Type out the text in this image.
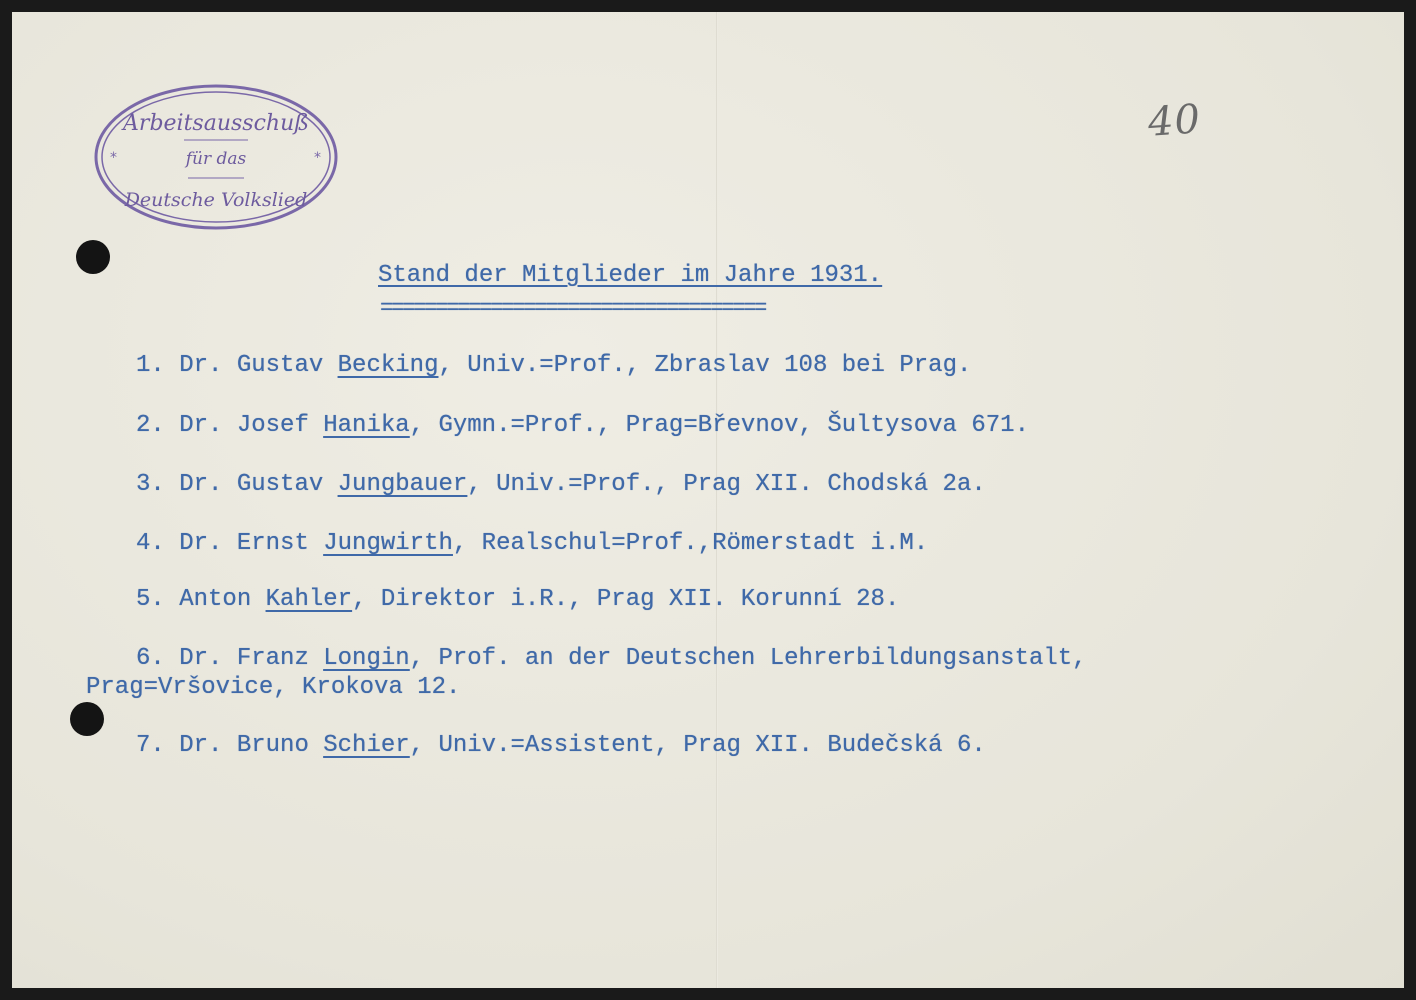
*	*
Arbeitsausschuß
für das
Deutsche Volkslied
40
Stand der Mitglieder im Jahre 1931.
===================================
1. Dr. Gustav Becking, Univ.=Prof., Zbraslav 108 bei Prag.
2. Dr. Josef Hanika, Gymn.=Prof., Prag=Břevnov, Šultysova 671.
3. Dr. Gustav Jungbauer, Univ.=Prof., Prag XII. Chodská 2a.
4. Dr. Ernst Jungwirth, Realschul=Prof.,Römerstadt i.M.
5. Anton Kahler, Direktor i.R., Prag XII. Korunní 28.
6. Dr. Franz Longin, Prof. an der Deutschen Lehrerbildungsanstalt,
Prag=Vršovice, Krokova 12.
7. Dr. Bruno Schier, Univ.=Assistent, Prag XII. Budečská 6.
